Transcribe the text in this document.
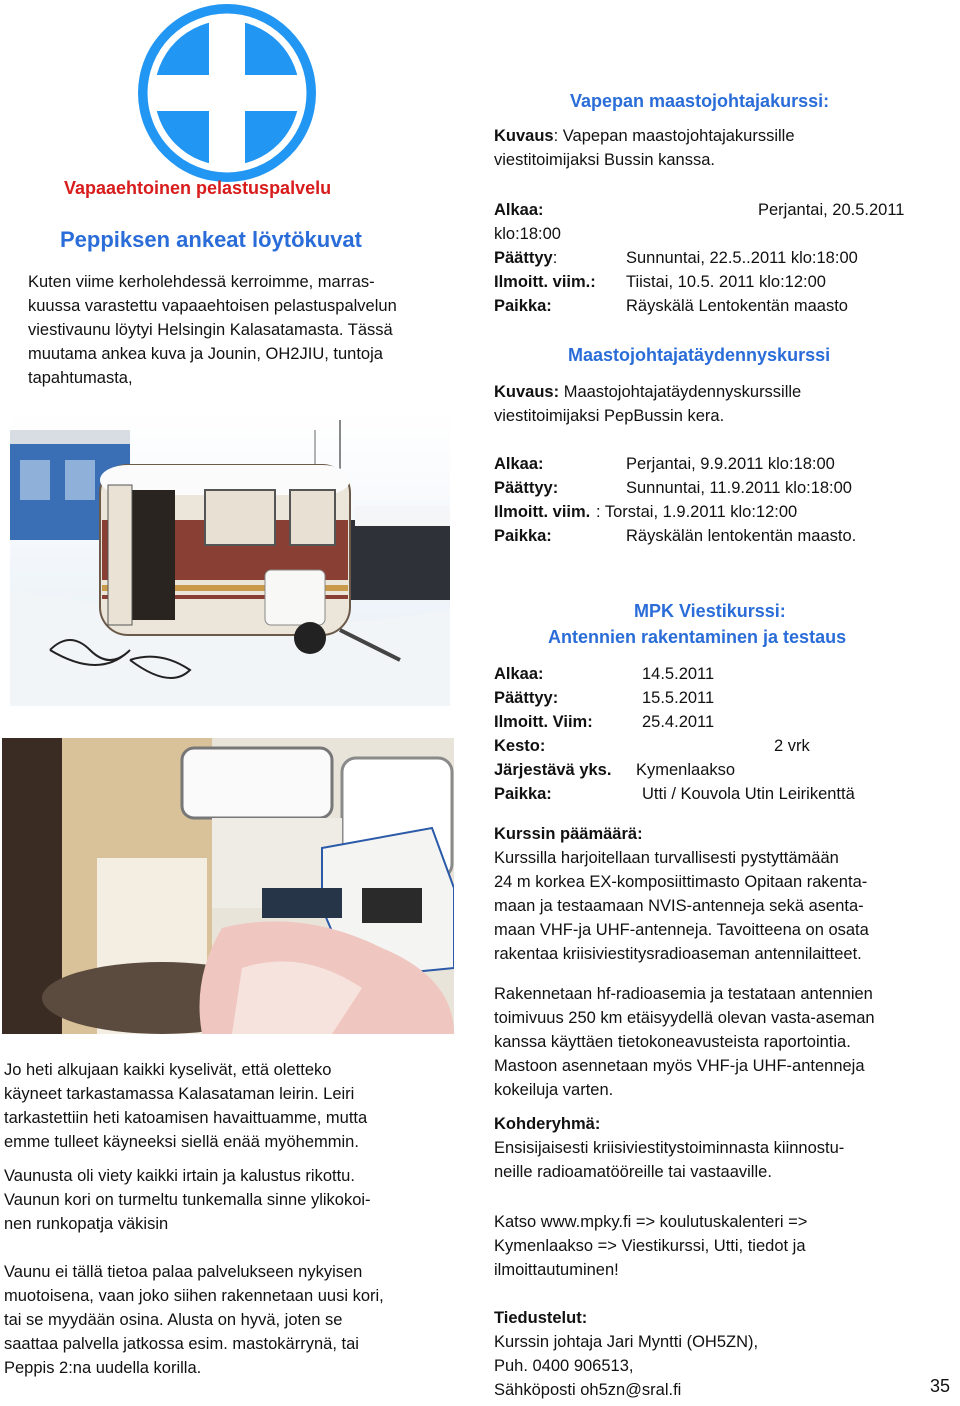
Vapaaehtoinen pelastuspalvelu
Peppiksen ankeat löytökuvat
Kuten viime kerholehdessä kerroimme, marras-
kuussa varastettu vapaaehtoisen pelastuspalvelun
viestivaunu löytyi Helsingin Kalasatamasta. Tässä
muutama ankea kuva ja Jounin, OH2JIU, tuntoja
tapahtumasta,

Jo heti alkujaan kaikki kyselivät, että oletteko
käyneet tarkastamassa Kalasataman leirin. Leiri
tarkastettiin heti katoamisen havaittuamme, mutta
emme tulleet käyneeksi siellä enää myöhemmin.

Vaunusta oli viety kaikki irtain ja kalustus rikottu.
Vaunun kori on turmeltu tunkemalla sinne ylikokoi-
nen runkopatja väkisin

Vaunu ei tällä tietoa palaa palvelukseen nykyisen
muotoisena, vaan joko siihen rakennetaan uusi kori,
tai se myydään osina. Alusta on hyvä, joten se
saattaa palvella jatkossa esim. mastokärrynä, tai
Peppis 2:na uudella korilla.

Vapepan maastojohtajakurssi:
Kuvaus: Vapepan maastojohtajakurssille
viestitoimijaksi Bussin kanssa.
Alkaa:	Perjantai, 20.5.2011
klo:18:00
Päättyy:	Sunnuntai, 22.5..2011 klo:18:00
Ilmoitt. viim.: Tiistai, 10.5. 2011 klo:12:00
Paikka:	Räyskälä Lentokentän maasto
Maastojohtajatäydennyskurssi
Kuvaus: Maastojohtajatäydennyskurssille
viestitoimijaksi PepBussin kera.
Alkaa:	Perjantai, 9.9.2011 klo:18:00
Päättyy:	Sunnuntai, 11.9.2011 klo:18:00
Ilmoitt. viim. : Torstai, 1.9.2011 klo:12:00
Paikka:	Räyskälän lentokentän maasto.
MPK Viestikurssi:
Antennien rakentaminen ja testaus
Alkaa:	14.5.2011
Päättyy:	15.5.2011
Ilmoitt. Viim:	25.4.2011
Kesto:	2 vrk
Järjestävä yks. Kymenlaakso
Paikka:	Utti / Kouvola Utin Leirikenttä
Kurssin päämäärä:
Kurssilla harjoitellaan turvallisesti pystyttämään
24 m korkea EX-komposiittimasto Opitaan rakenta-
maan ja testaamaan NVIS-antenneja sekä asenta-
maan VHF-ja UHF-antenneja. Tavoitteena on osata
rakentaa kriisiviestitysradioaseman antennilaitteet.
Rakennetaan hf-radioasemia ja testataan antennien
toimivuus 250 km etäisyydellä olevan vasta-aseman
kanssa käyttäen tietokoneavusteista raportointia.
Mastoon asennetaan myös VHF-ja UHF-antenneja
kokeiluja varten.
Kohderyhmä:
Ensisijaisesti kriisiviestitystoiminnasta kiinnostu-
neille radioamatööreille tai vastaaville.
Katso www.mpky.fi => koulutuskalenteri =>
Kymenlaakso => Viestikurssi, Utti, tiedot ja
ilmoittautuminen!
Tiedustelut:
Kurssin johtaja Jari Myntti (OH5ZN),
Puh. 0400 906513,
Sähköposti oh5zn@sral.fi	35
